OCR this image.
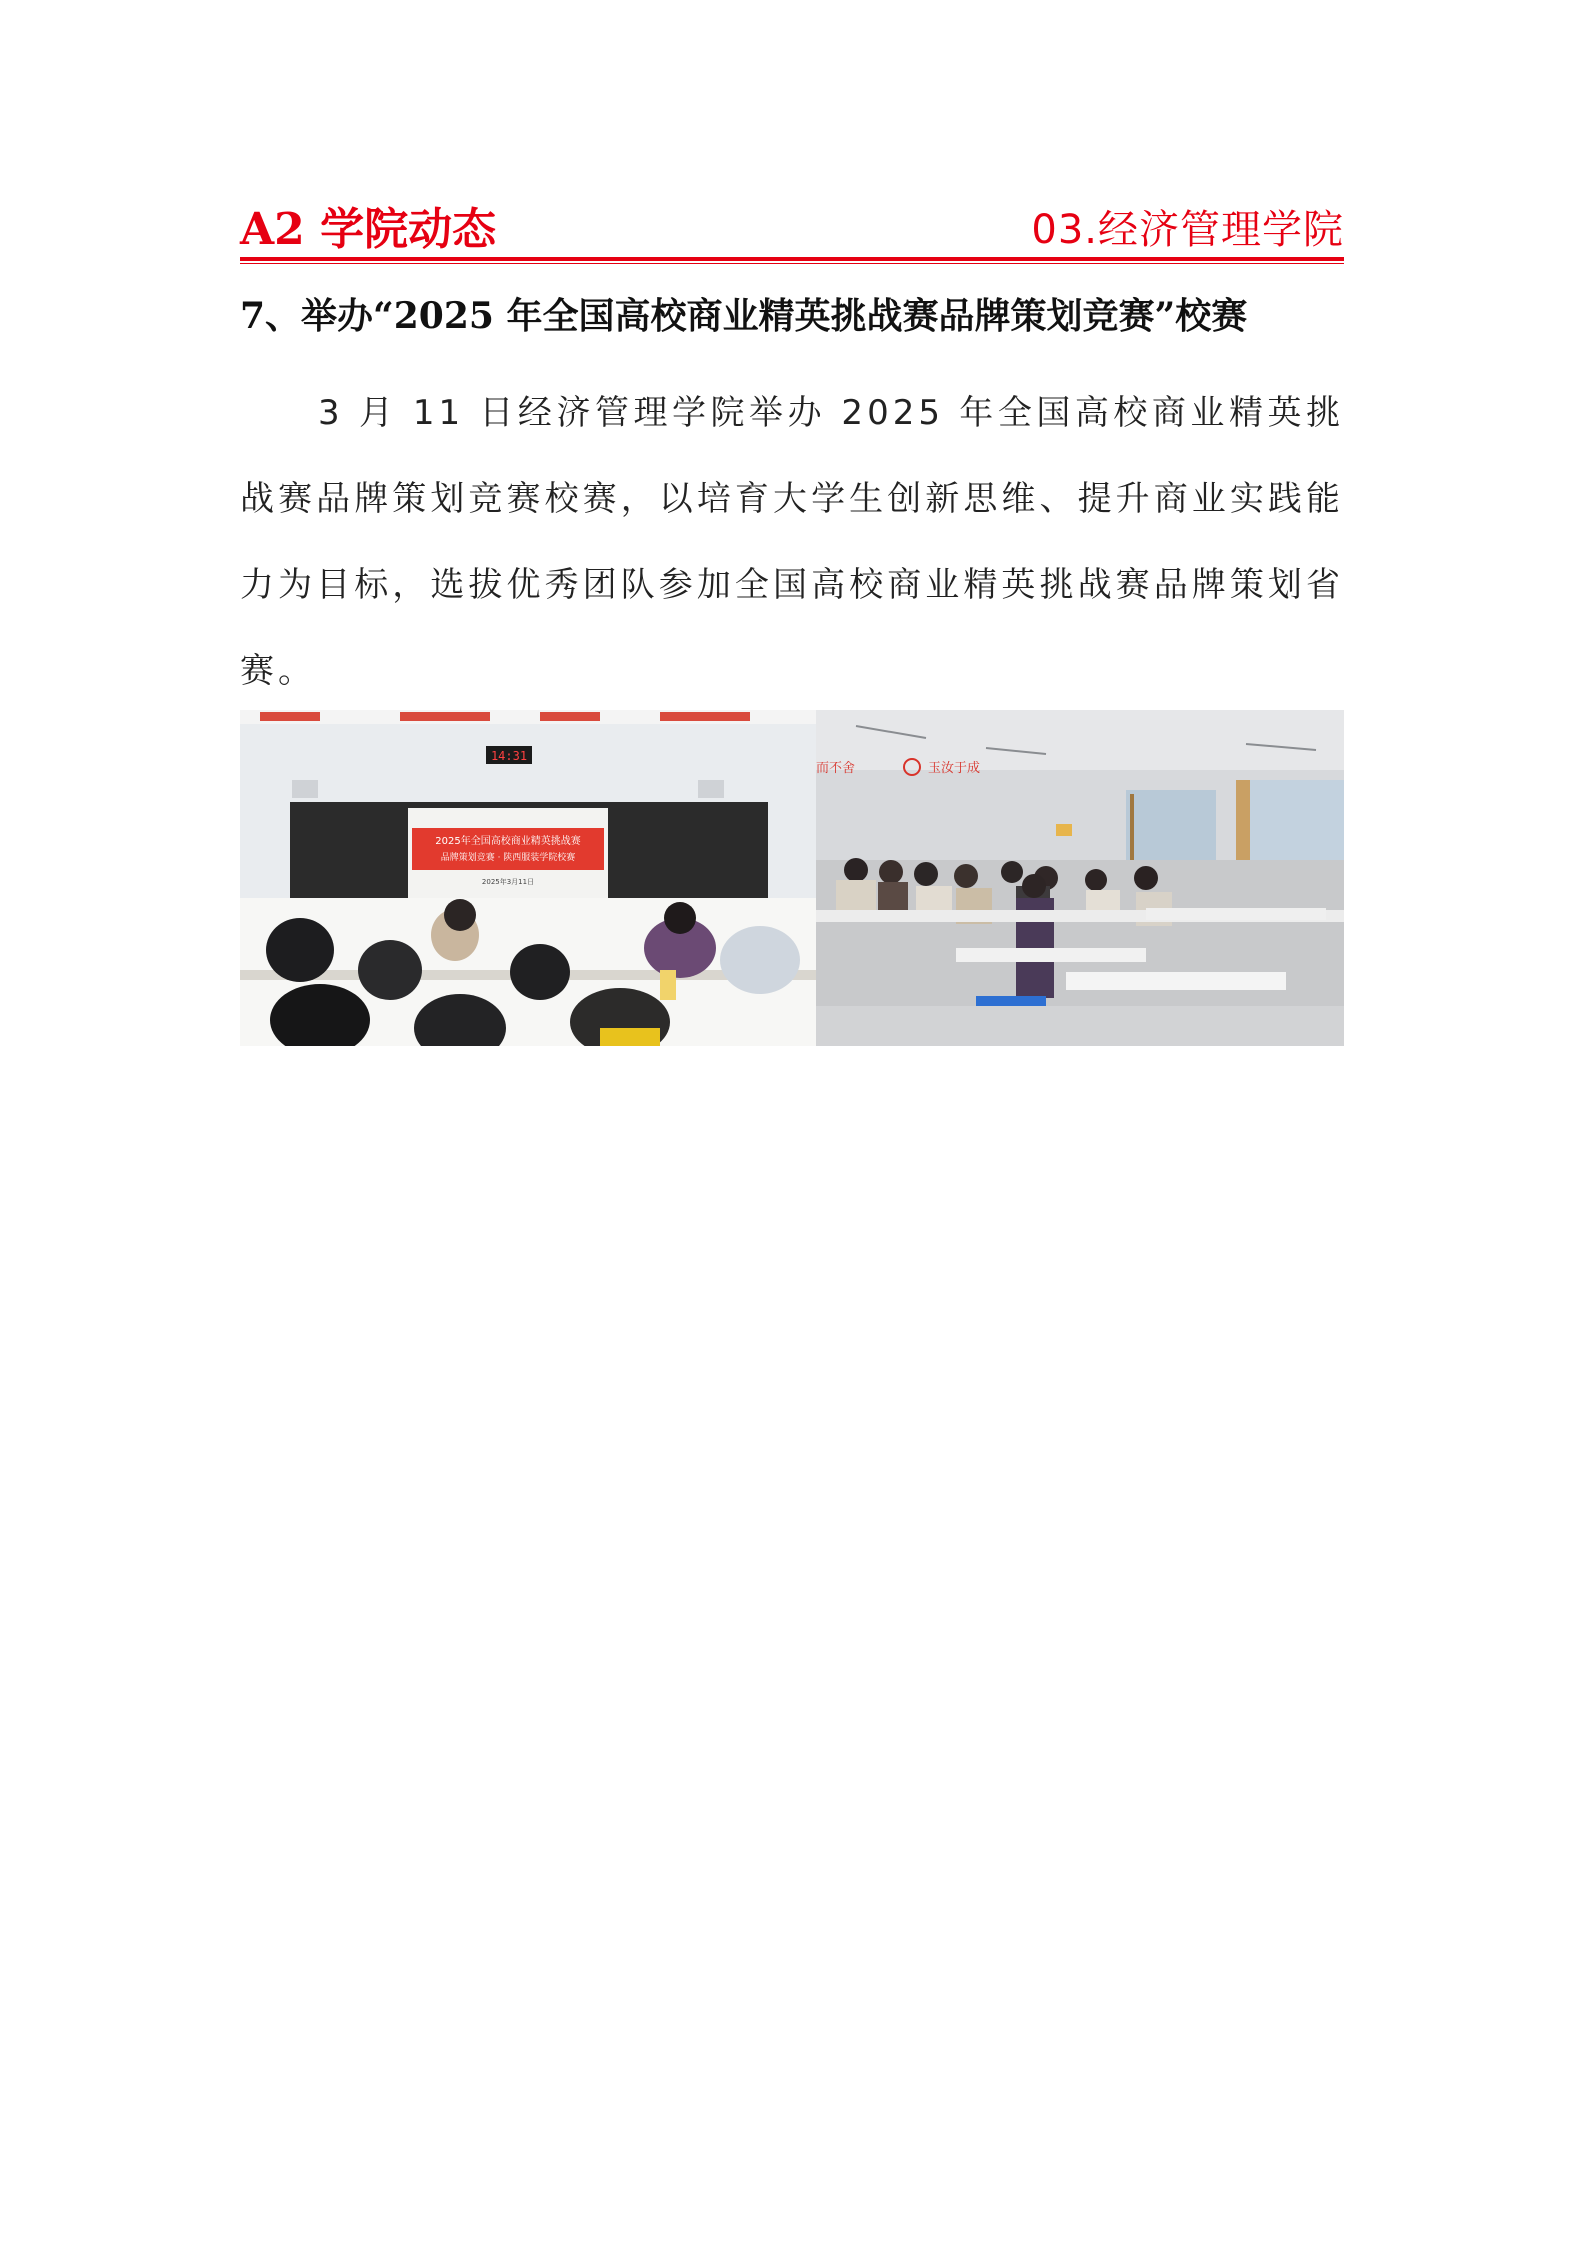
A2 学院动态	03.经济管理学院
7、举办“2025 年全国高校商业精英挑战赛品牌策划竞赛”校赛
3 月 11 日经济管理学院举办 2025 年全国高校商业精英挑战赛品牌策划竞赛校赛，以培育大学生创新思维、提升商业实践能力为目标，选拔优秀团队参加全国高校商业精英挑战赛品牌策划省赛。
14:31
2025年全国高校商业精英挑战赛
品牌策划竞赛 · 陕西服装学院校赛
2025年3月11日
而不舍	玉汝于成
